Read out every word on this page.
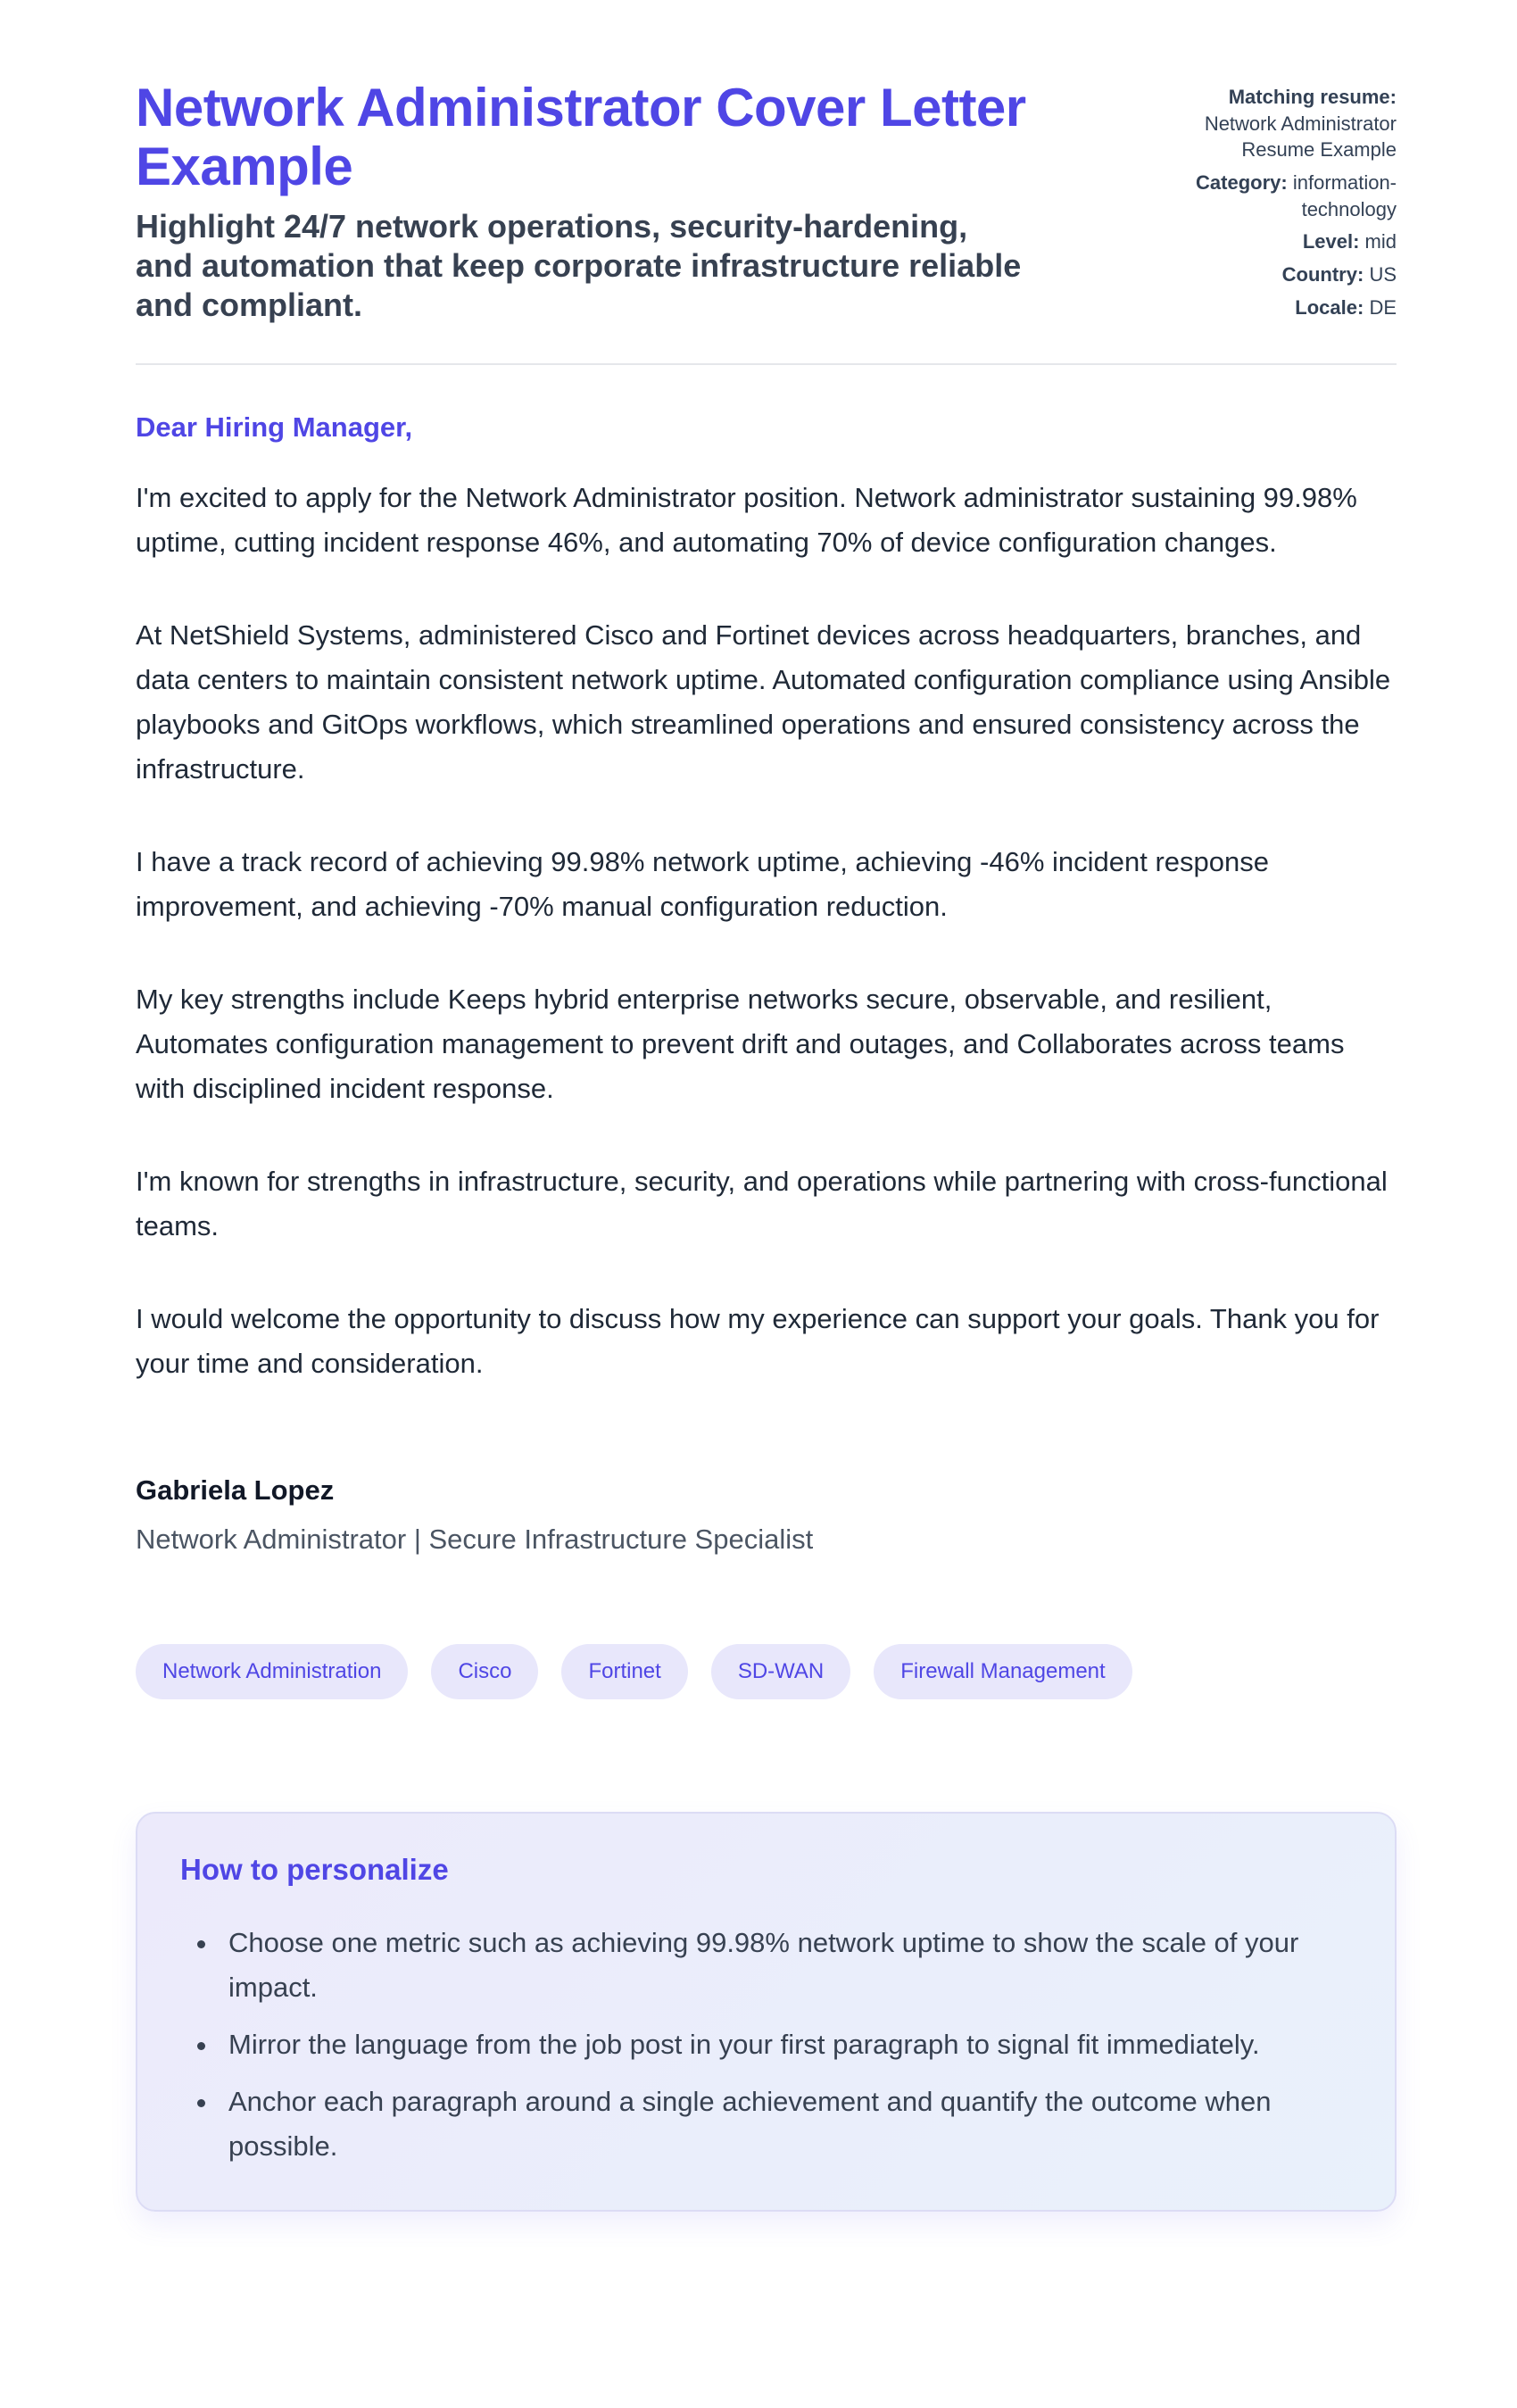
Network Administrator Cover Letter Example

Highlight 24/7 network operations, security-hardening, and automation that keep corporate infrastructure reliable and compliant.

Matching resume:
Network Administrator Resume Example
Category: information-technology
Level: mid
Country: US
Locale: DE

Dear Hiring Manager,

I'm excited to apply for the Network Administrator position. Network administrator sustaining 99.98% uptime, cutting incident response 46%, and automating 70% of device configuration changes.

At NetShield Systems, administered Cisco and Fortinet devices across headquarters, branches, and data centers to maintain consistent network uptime. Automated configuration compliance using Ansible playbooks and GitOps workflows, which streamlined operations and ensured consistency across the infrastructure.

I have a track record of achieving 99.98% network uptime, achieving -46% incident response improvement, and achieving -70% manual configuration reduction.

My key strengths include Keeps hybrid enterprise networks secure, observable, and resilient, Automates configuration management to prevent drift and outages, and Collaborates across teams with disciplined incident response.

I'm known for strengths in infrastructure, security, and operations while partnering with cross-functional teams.

I would welcome the opportunity to discuss how my experience can support your goals. Thank you for your time and consideration.

Gabriela Lopez

Network Administrator | Secure Infrastructure Specialist

Network Administration	Cisco	Fortinet	SD-WAN	Firewall Management
How to personalize
• Choose one metric such as achieving 99.98% network uptime to show the scale of your impact.
• Mirror the language from the job post in your first paragraph to signal fit immediately.
• Anchor each paragraph around a single achievement and quantify the outcome when possible.
